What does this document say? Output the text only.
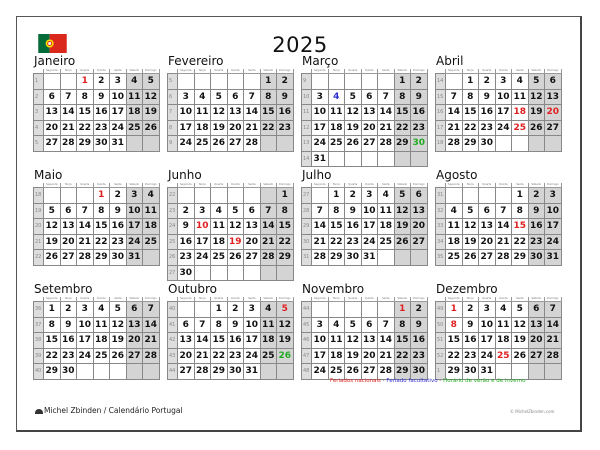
2025
Janeiro
	Segunda	Terça	Quarta	Quinta	Sexta	Sábado	Domingo
1			1	2	3	4	5
2	6	7	8	9	10	11	12
3	13	14	15	16	17	18	19
4	20	21	22	23	24	25	26
5	27	28	29	30	31		
Fevereiro
	Segunda	Terça	Quarta	Quinta	Sexta	Sábado	Domingo
5						1	2
6	3	4	5	6	7	8	9
7	10	11	12	13	14	15	16
8	17	18	19	20	21	22	23
9	24	25	26	27	28		
Março
	Segunda	Terça	Quarta	Quinta	Sexta	Sábado	Domingo
9						1	2
10	3	4	5	6	7	8	9
11	10	11	12	13	14	15	16
12	17	18	19	20	21	22	23
13	24	25	26	27	28	29	30
14	31						
Abril
	Segunda	Terça	Quarta	Quinta	Sexta	Sábado	Domingo
14		1	2	3	4	5	6
15	7	8	9	10	11	12	13
16	14	15	16	17	18	19	20
17	21	22	23	24	25	26	27
18	28	29	30				
Maio
	Segunda	Terça	Quarta	Quinta	Sexta	Sábado	Domingo
18				1	2	3	4
19	5	6	7	8	9	10	11
20	12	13	14	15	16	17	18
21	19	20	21	22	23	24	25
22	26	27	28	29	30	31	
Junho
	Segunda	Terça	Quarta	Quinta	Sexta	Sábado	Domingo
22							1
23	2	3	4	5	6	7	8
24	9	10	11	12	13	14	15
25	16	17	18	19	20	21	22
26	23	24	25	26	27	28	29
27	30						
Julho
	Segunda	Terça	Quarta	Quinta	Sexta	Sábado	Domingo
27		1	2	3	4	5	6
28	7	8	9	10	11	12	13
29	14	15	16	17	18	19	20
30	21	22	23	24	25	26	27
31	28	29	30	31			
Agosto
	Segunda	Terça	Quarta	Quinta	Sexta	Sábado	Domingo
31					1	2	3
32	4	5	6	7	8	9	10
33	11	12	13	14	15	16	17
34	18	19	20	21	22	23	24
35	25	26	27	28	29	30	31
Setembro
	Segunda	Terça	Quarta	Quinta	Sexta	Sábado	Domingo
36	1	2	3	4	5	6	7
37	8	9	10	11	12	13	14
38	15	16	17	18	19	20	21
39	22	23	24	25	26	27	28
40	29	30					
Outubro
	Segunda	Terça	Quarta	Quinta	Sexta	Sábado	Domingo
40			1	2	3	4	5
41	6	7	8	9	10	11	12
42	13	14	15	16	17	18	19
43	20	21	22	23	24	25	26
44	27	28	29	30	31		
Novembro
	Segunda	Terça	Quarta	Quinta	Sexta	Sábado	Domingo
44						1	2
45	3	4	5	6	7	8	9
46	10	11	12	13	14	15	16
47	17	18	19	20	21	22	23
48	24	25	26	27	28	29	30
Dezembro
	Segunda	Terça	Quarta	Quinta	Sexta	Sábado	Domingo
49	1	2	3	4	5	6	7
50	8	9	10	11	12	13	14
51	15	16	17	18	19	20	21
52	22	23	24	25	26	27	28
1	29	30	31				
Feriados nacionais - Feriado facultativo - Horário de verão e de inverno
Michel Zbinden / Calendário Portugal	© MichelZbinden.com
